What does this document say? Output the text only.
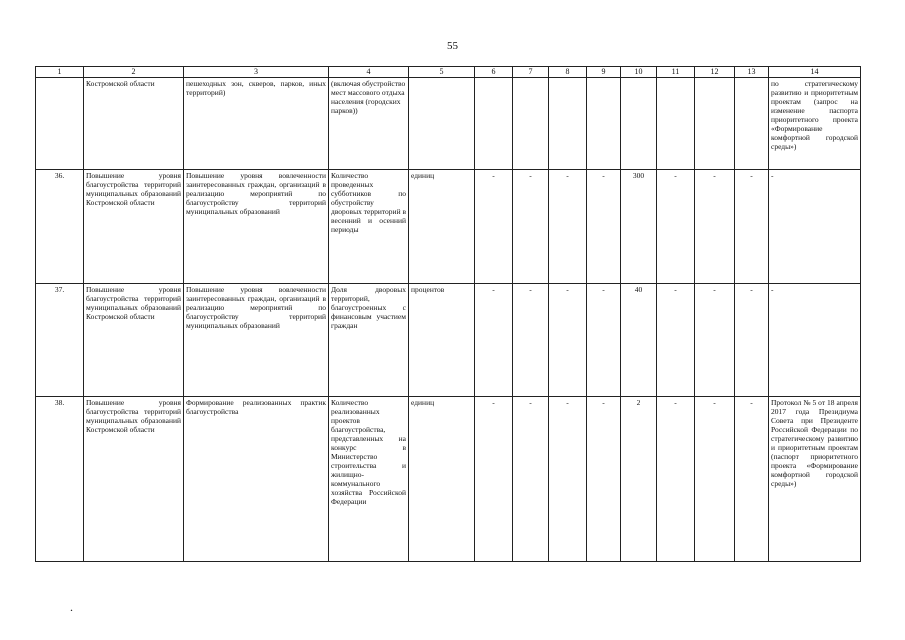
55
1	2	3	4	5	6	7	8	9	10	11	12	13	14
	Костромской области	пешеходных зон, скверов, парков, иных территорий)	(включая обустройство мест массового отдыха населения (городских парков))										по стратегическому развитию и приоритетным проектам (запрос на изменение паспорта приоритетного проекта «Формирование комфортной городской среды»)
36.	Повышение уровня благоустройства территорий муниципальных образований Костромской области	Повышение уровня вовлеченности заинтересованных граждан, организаций в реализацию мероприятий по благоустройству территорий муниципальных образований	Количество проведенных субботников по обустройству дворовых территорий в весенний и осенний периоды	единиц	-	-	-	-	300	-	-	-	-
37.	Повышение уровня благоустройства территорий муниципальных образований Костромской области	Повышение уровня вовлеченности заинтересованных граждан, организаций в реализацию мероприятий по благоустройству территорий муниципальных образований	Доля дворовых территорий, благоустроенных с финансовым участием граждан	процентов	-	-	-	-	40	-	-	-	-
38.	Повышение уровня благоустройства территорий муниципальных образований Костромской области	Формирование реализованных практик благоустройства	Количество реализованных проектов благоустройства, представленных на конкурс в Министерство строительства и жилищно-коммунального хозяйства Российской Федерации	единиц	-	-	-	-	2	-	-	-	Протокол № 5 от 18 апреля 2017 года Президиума Совета при Президенте Российской Федерации по стратегическому развитию и приоритетным проектам (паспорт приоритетного проекта «Формирование комфортной городской среды»)
.
